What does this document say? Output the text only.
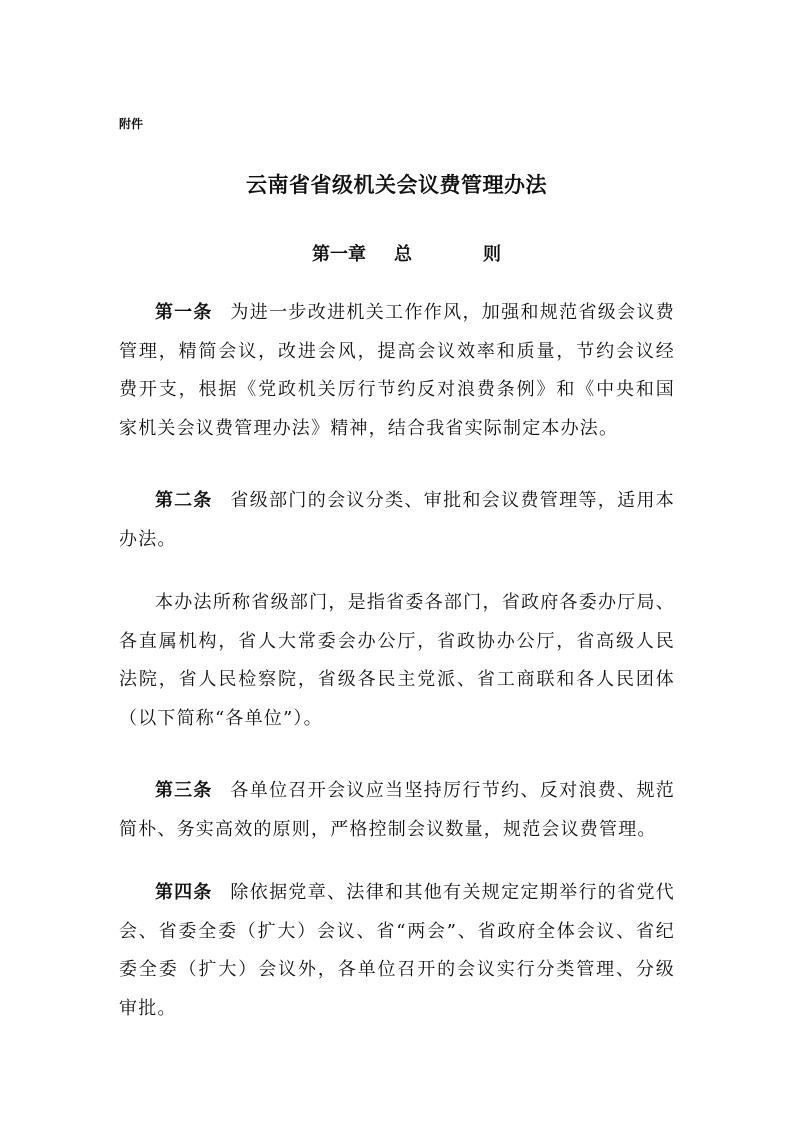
附件
云南省省级机关会议费管理办法
第一章 总	则
第一条 为进一步改进机关工作作风，加强和规范省级会议费管理，精简会议，改进会风，提高会议效率和质量，节约会议经费开支，根据《党政机关厉行节约反对浪费条例》和《中央和国家机关会议费管理办法》精神，结合我省实际制定本办法。
第二条 省级部门的会议分类、审批和会议费管理等，适用本办法。
本办法所称省级部门，是指省委各部门，省政府各委办厅局、各直属机构，省人大常委会办公厅，省政协办公厅，省高级人民法院，省人民检察院，省级各民主党派、省工商联和各人民团体（以下简称“各单位”）。
第三条 各单位召开会议应当坚持厉行节约、反对浪费、规范简朴、务实高效的原则，严格控制会议数量，规范会议费管理。
第四条 除依据党章、法律和其他有关规定定期举行的省党代会、省委全委（扩大）会议、省“两会”、省政府全体会议、省纪委全委（扩大）会议外，各单位召开的会议实行分类管理、分级审批。
